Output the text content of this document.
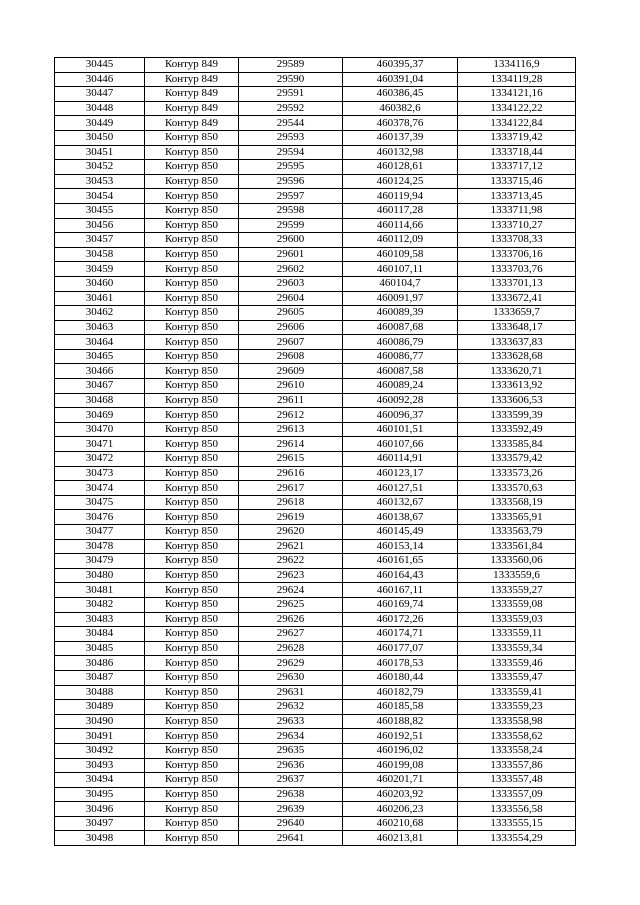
30445	Контур 849	29589	460395,37	1334116,9
30446	Контур 849	29590	460391,04	1334119,28
30447	Контур 849	29591	460386,45	1334121,16
30448	Контур 849	29592	460382,6	1334122,22
30449	Контур 849	29544	460378,76	1334122,84
30450	Контур 850	29593	460137,39	1333719,42
30451	Контур 850	29594	460132,98	1333718,44
30452	Контур 850	29595	460128,61	1333717,12
30453	Контур 850	29596	460124,25	1333715,46
30454	Контур 850	29597	460119,94	1333713,45
30455	Контур 850	29598	460117,28	1333711,98
30456	Контур 850	29599	460114,66	1333710,27
30457	Контур 850	29600	460112,09	1333708,33
30458	Контур 850	29601	460109,58	1333706,16
30459	Контур 850	29602	460107,11	1333703,76
30460	Контур 850	29603	460104,7	1333701,13
30461	Контур 850	29604	460091,97	1333672,41
30462	Контур 850	29605	460089,39	1333659,7
30463	Контур 850	29606	460087,68	1333648,17
30464	Контур 850	29607	460086,79	1333637,83
30465	Контур 850	29608	460086,77	1333628,68
30466	Контур 850	29609	460087,58	1333620,71
30467	Контур 850	29610	460089,24	1333613,92
30468	Контур 850	29611	460092,28	1333606,53
30469	Контур 850	29612	460096,37	1333599,39
30470	Контур 850	29613	460101,51	1333592,49
30471	Контур 850	29614	460107,66	1333585,84
30472	Контур 850	29615	460114,91	1333579,42
30473	Контур 850	29616	460123,17	1333573,26
30474	Контур 850	29617	460127,51	1333570,63
30475	Контур 850	29618	460132,67	1333568,19
30476	Контур 850	29619	460138,67	1333565,91
30477	Контур 850	29620	460145,49	1333563,79
30478	Контур 850	29621	460153,14	1333561,84
30479	Контур 850	29622	460161,65	1333560,06
30480	Контур 850	29623	460164,43	1333559,6
30481	Контур 850	29624	460167,11	1333559,27
30482	Контур 850	29625	460169,74	1333559,08
30483	Контур 850	29626	460172,26	1333559,03
30484	Контур 850	29627	460174,71	1333559,11
30485	Контур 850	29628	460177,07	1333559,34
30486	Контур 850	29629	460178,53	1333559,46
30487	Контур 850	29630	460180,44	1333559,47
30488	Контур 850	29631	460182,79	1333559,41
30489	Контур 850	29632	460185,58	1333559,23
30490	Контур 850	29633	460188,82	1333558,98
30491	Контур 850	29634	460192,51	1333558,62
30492	Контур 850	29635	460196,02	1333558,24
30493	Контур 850	29636	460199,08	1333557,86
30494	Контур 850	29637	460201,71	1333557,48
30495	Контур 850	29638	460203,92	1333557,09
30496	Контур 850	29639	460206,23	1333556,58
30497	Контур 850	29640	460210,68	1333555,15
30498	Контур 850	29641	460213,81	1333554,29
